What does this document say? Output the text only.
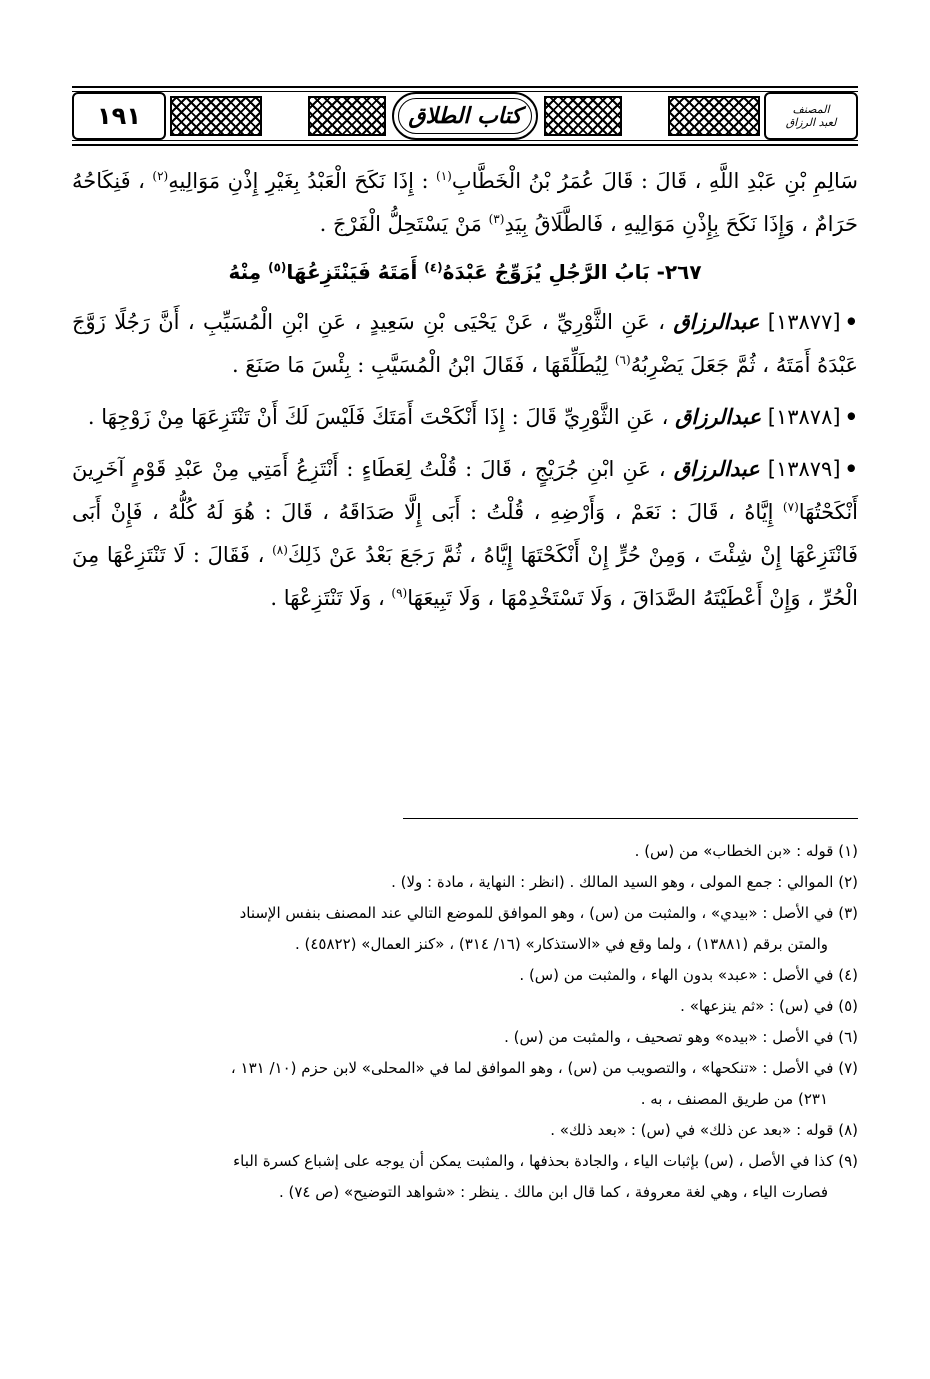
المصنف
لعبد الرزاق
كتاب الطلاق
١٩١

سَالِمِ بْنِ عَبْدِ اللَّهِ ، قَالَ : قَالَ عُمَرُ بْنُ الْخَطَّابِ$^{(١)}$ : إِذَا نَكَحَ الْعَبْدُ بِغَيْرِ إِذْنِ مَوَالِيهِ$^{(٢)}$ ، فَنِكَاحُهُ حَرَامٌ ، وَإِذَا نَكَحَ بِإِذْنِ مَوَالِيهِ ، فَالطَّلَاقُ بِيَدِ$^{(٣)}$ مَنْ يَسْتَحِلُّ الْفَرْجَ .

٢٦٧- بَابُ الرَّجُلِ يُزَوِّجُ عَبْدَهُ$^{(٤)}$ أَمَتَهُ فَيَنْتَزِعُهَا$^{(٥)}$ مِنْهُ

•[١٣٨٧٧] عبدالرزاق ، عَنِ الثَّوْرِيِّ ، عَنْ يَحْيَى بْنِ سَعِيدٍ ، عَنِ ابْنِ الْمُسَيِّبِ ، أَنَّ رَجُلًا زَوَّجَ عَبْدَهُ أَمَتَهُ ، ثُمَّ جَعَلَ يَضْرِبُهُ$^{(٦)}$ لِيُطَلِّقَهَا ، فَقَالَ ابْنُ الْمُسَيَّبِ : بِئْسَ مَا صَنَعَ .

•[١٣٨٧٨] عبدالرزاق ، عَنِ الثَّوْرِيِّ قَالَ : إِذَا أَنْكَحْتَ أَمَتَكَ فَلَيْسَ لَكَ أَنْ تَنْتَزِعَهَا مِنْ زَوْجِهَا .

•[١٣٨٧٩] عبدالرزاق ، عَنِ ابْنِ جُرَيْجٍ ، قَالَ : قُلْتُ لِعَطَاءٍ : أَنْتَزِعُ أَمَتِي مِنْ عَبْدِ قَوْمٍ آخَرِينَ أَنْكَحْتُهَا$^{(٧)}$ إِيَّاهُ ، قَالَ : نَعَمْ ، وَأَرْضِهِ ، قُلْتُ : أَبَى إِلَّا صَدَاقَهُ ، قَالَ : هُوَ لَهُ كُلُّهُ ، فَإِنْ أَبَى فَانْتَزِعْهَا إِنْ شِئْتَ ، وَمِنْ حُرٍّ إِنْ أَنْكَحْتَهَا إِيَّاهُ ، ثُمَّ رَجَعَ بَعْدُ عَنْ ذَلِكَ$^{(٨)}$ ، فَقَالَ : لَا تَنْتَزِعْهَا مِنَ الْحُرِّ ، وَإِنْ أَعْطَيْتَهُ الصَّدَاقَ ، وَلَا تَسْتَخْدِمْهَا ، وَلَا تَبِيعَهَا$^{(٩)}$ ، وَلَا تَنْتَزِعْهَا .

(١) قوله : «بن الخطاب» من (س) .

(٢) الموالي : جمع المولى ، وهو السيد المالك . (انظر : النهاية ، مادة : ولا) .

(٣) في الأصل : «بيدي» ، والمثبت من (س) ، وهو الموافق للموضع التالي عند المصنف بنفس الإسناد

والمتن برقم (١٣٨٨١) ، ولما وقع في «الاستذكار» (١٦/ ٣١٤) ، «كنز العمال» (٤٥٨٢٢) .

(٤) في الأصل : «عبد» بدون الهاء ، والمثبت من (س) .

(٥) في (س) : «ثم ينزعها» .

(٦) في الأصل : «بيده» وهو تصحيف ، والمثبت من (س) .

(٧) في الأصل : «تنكحها» ، والتصويب من (س) ، وهو الموافق لما في «المحلى» لابن حزم (١٠/ ١٣١ ،

٢٣١) من طريق المصنف ، به .

(٨) قوله : «بعد عن ذلك» في (س) : «بعد ذلك» .

(٩) كذا في الأصل ، (س) بإثبات الياء ، والجادة بحذفها ، والمثبت يمكن أن يوجه على إشباع كسرة الباء

فصارت الياء ، وهي لغة معروفة ، كما قال ابن مالك . ينظر : «شواهد التوضيح» (ص ٧٤) .
